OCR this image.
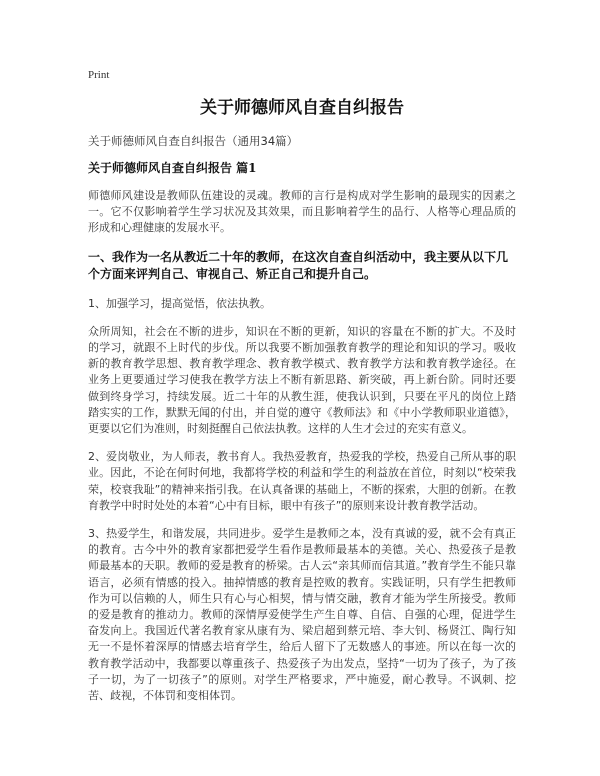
Print
关于师德师风自查自纠报告
关于师德师风自查自纠报告（通用34篇）
关于师德师风自查自纠报告 篇1

师德师风建设是教师队伍建设的灵魂。教师的言行是构成对学生影响的最现实的因素之一。它不仅影响着学生学习状况及其效果，而且影响着学生的品行、人格等心理品质的形成和心理健康的发展水平。

一、我作为一名从教近二十年的教师，在这次自查自纠活动中，我主要从以下几个方面来评判自己、审视自己、矫正自己和提升自己。

1、加强学习，提高觉悟，依法执教。

众所周知，社会在不断的进步，知识在不断的更新，知识的容量在不断的扩大。不及时的学习，就跟不上时代的步伐。所以我要不断加强教育教学的理论和知识的学习。吸收新的教育教学思想、教育教学理念、教育教学模式、教育教学方法和教育教学途径。在业务上更要通过学习使我在教学方法上不断有新思路、新突破，再上新台阶。同时还要做到终身学习，持续发展。近二十年的从教生涯，使我认识到，只要在平凡的岗位上踏踏实实的工作，默默无闻的付出，并自觉的遵守《教师法》和《中小学教师职业道德》，更要以它们为准则，时刻挺醒自己依法执教。这样的人生才会过的充实有意义。

2、爱岗敬业，为人师表，教书育人。我热爱教育，热爱我的学校，热爱自己所从事的职业。因此，不论在何时何地，我都将学校的利益和学生的利益放在首位，时刻以“校荣我荣，校衰我耻”的精神来指引我。在认真备课的基础上，不断的探索，大胆的创新。在教育教学中时时处处的本着“心中有目标，眼中有孩子”的原则来设计教育教学活动。

3、热爱学生，和谐发展，共同进步。爱学生是教师之本，没有真诚的爱，就不会有真正的教育。古今中外的教育家都把爱学生看作是教师最基本的美德。关心、热爱孩子是教师最基本的天职。教师的爱是教育的桥梁。古人云“亲其师而信其道。”教育学生不能只靠语言，必须有情感的投入。抽掉情感的教育是控败的教育。实践证明，只有学生把教师作为可以信赖的人，师生只有心与心相契，情与情交融，教育才能为学生所接受。教师的爱是教育的推动力。教师的深情厚爱使学生产生自尊、自信、自强的心理，促进学生奋发向上。我国近代著名教育家从康有为、梁启超到蔡元培、李大钊、杨贤江、陶行知无一不是怀着深厚的情感去培育学生，给后人留下了无数感人的事迹。所以在每一次的教育教学活动中，我都要以尊重孩子、热爱孩子为出发点，坚持“一切为了孩子，为了孩子一切，为了一切孩子”的原则。对学生严格要求，严中施爱，耐心教导。不讽刺、挖苦、歧视，不体罚和变相体罚。
